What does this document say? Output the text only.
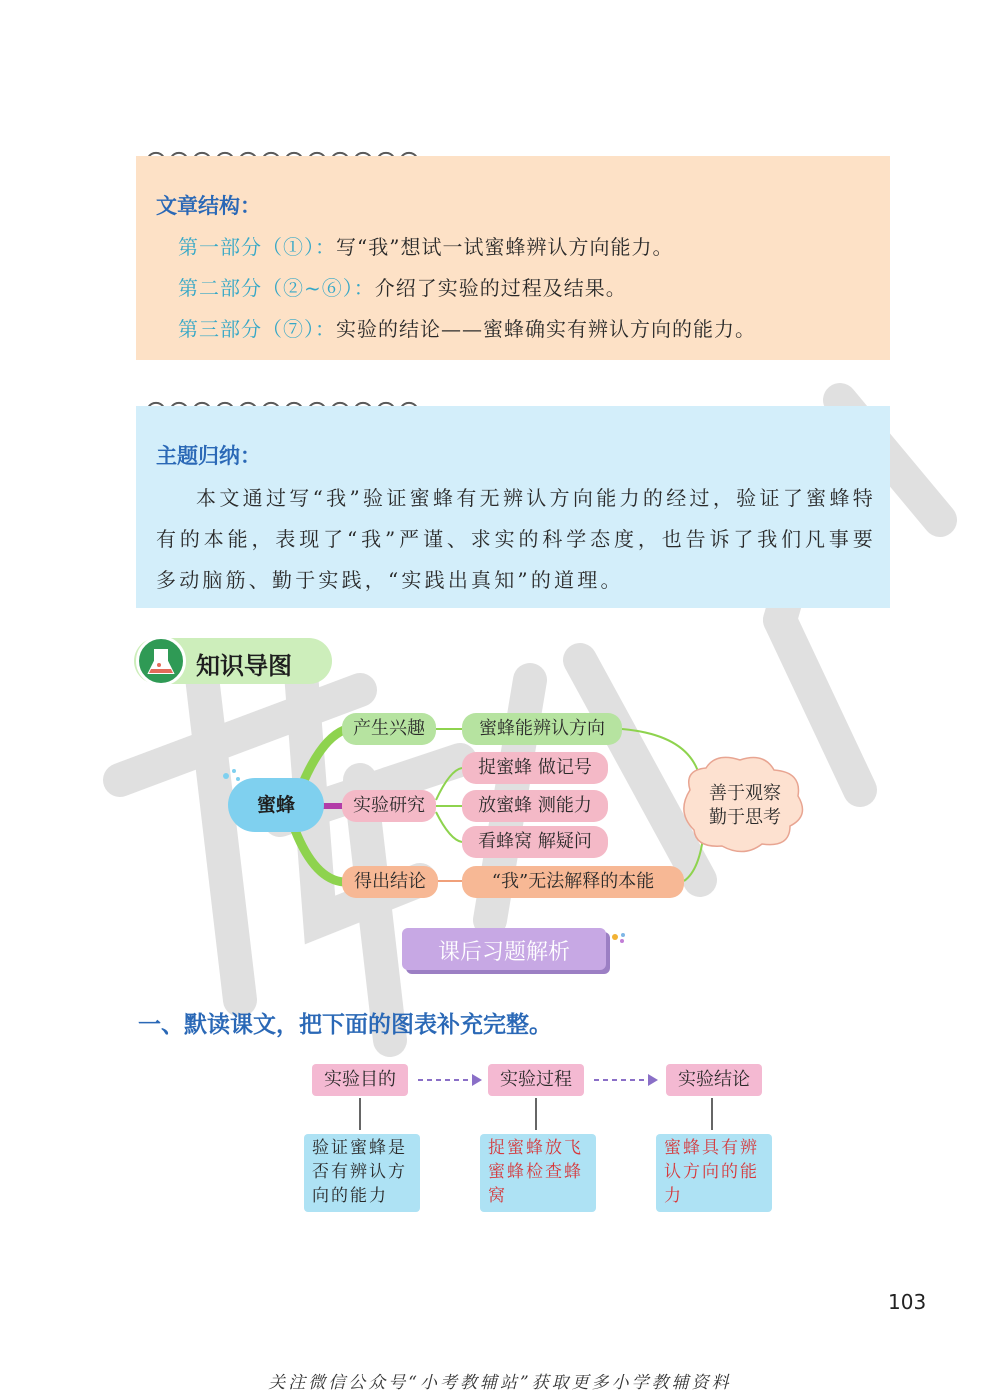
博小艺
文章结构：
第一部分（①）：写“我”想试一试蜜蜂辨认方向能力。
第二部分（②~⑥）：介绍了实验的过程及结果。
第三部分（⑦）：实验的结论——蜜蜂确实有辨认方向的能力。
主题归纳：
本文通过写“我”验证蜜蜂有无辨认方向能力的经过，验证了蜜蜂特有的本能，表现了“我”严谨、求实的科学态度，也告诉了我们凡事要多动脑筋、勤于实践，“实践出真知”的道理。
知识导图
蜜蜂
产生兴趣
实验研究
得出结论
蜜蜂能辨认方向
捉蜜蜂 做记号
放蜜蜂 测能力
看蜂窝 解疑问
“我”无法解释的本能
善于观察
勤于思考
课后习题解析
一、默读课文，把下面的图表补充完整。
实验目的	实验过程	实验结论
验证蜜蜂是否有辨认方向的能力
捉蜜蜂放飞蜜蜂检查蜂窝
蜜蜂具有辨认方向的能力
103
关注微信公众号“小考教辅站”获取更多小学教辅资料
